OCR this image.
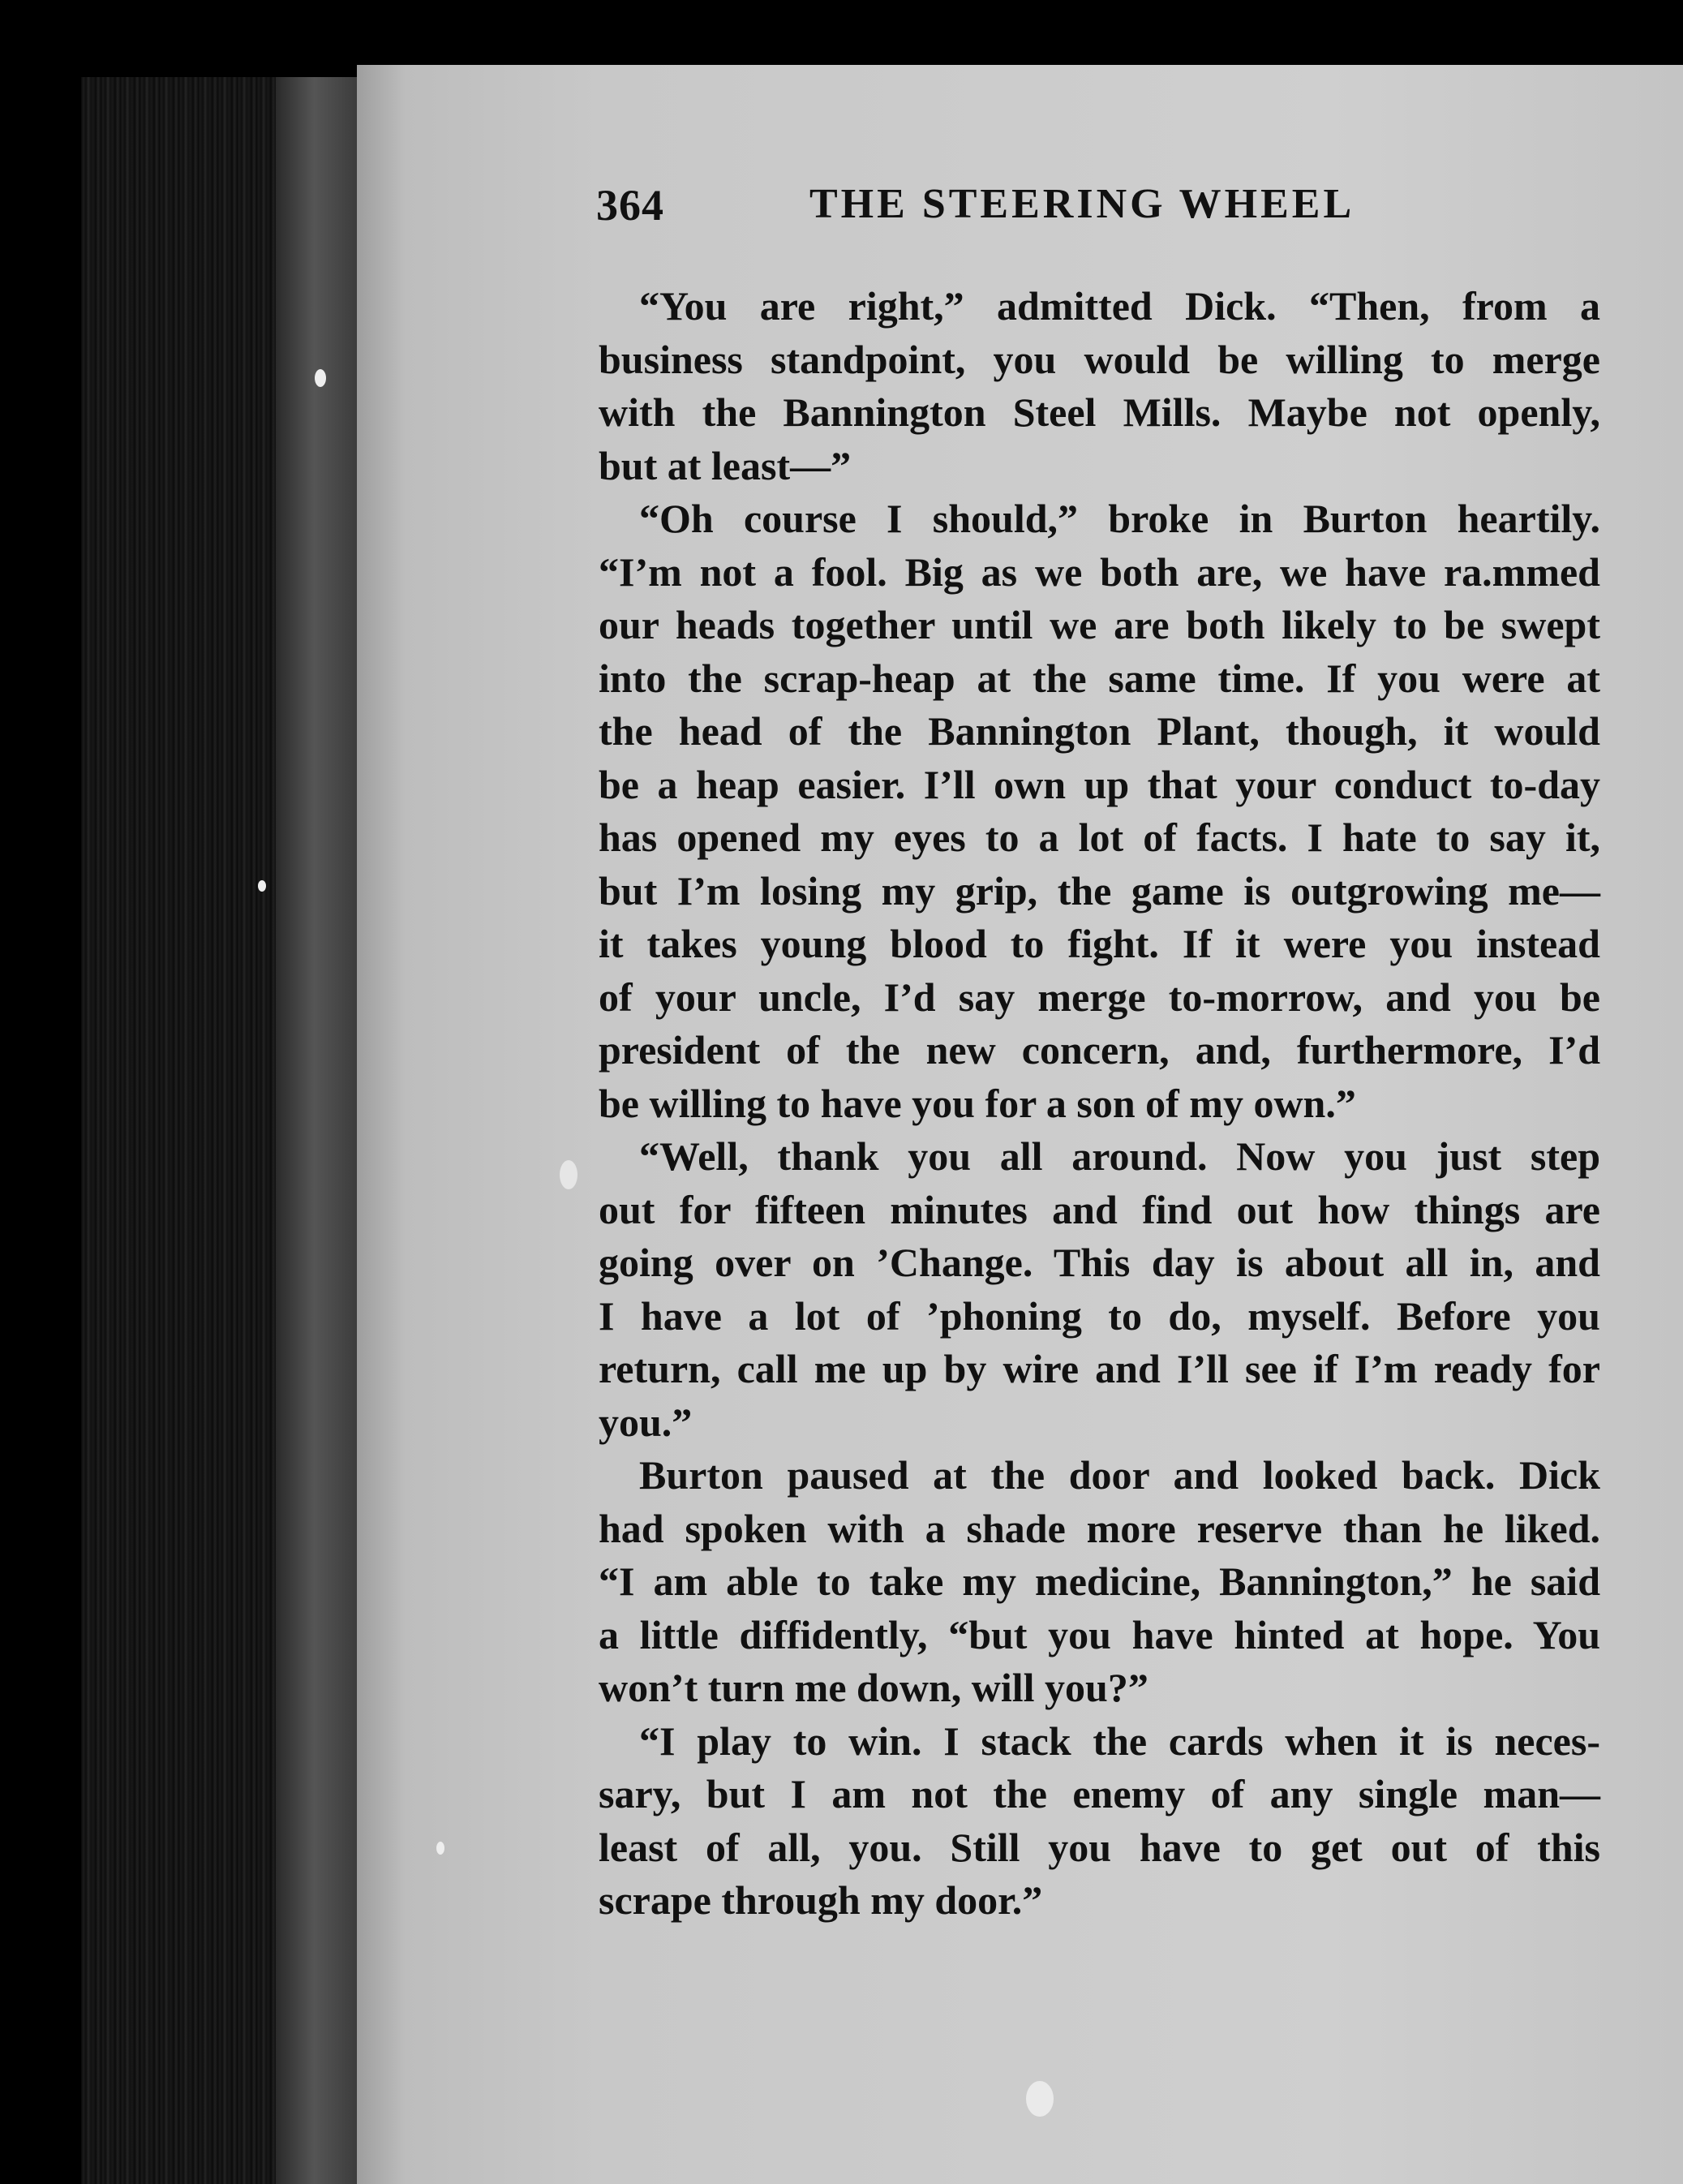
364	THE STEERING WHEEL
“You are right,” admitted Dick. “Then, from a
business standpoint, you would be willing to merge
with the Bannington Steel Mills. Maybe not openly,
but at least—”
“Oh course I should,” broke in Burton heartily.
“I’m not a fool. Big as we both are, we have ra.mmed
our heads together until we are both likely to be swept
into the scrap-heap at the same time. If you were at
the head of the Bannington Plant, though, it would
be a heap easier. I’ll own up that your conduct to-day
has opened my eyes to a lot of facts. I hate to say it,
but I’m losing my grip, the game is outgrowing me—
it takes young blood to fight. If it were you instead
of your uncle, I’d say merge to-morrow, and you be
president of the new concern, and, furthermore, I’d
be willing to have you for a son of my own.”
“Well, thank you all around. Now you just step
out for fifteen minutes and find out how things are
going over on ’Change. This day is about all in, and
I have a lot of ’phoning to do, myself. Before you
return, call me up by wire and I’ll see if I’m ready for
you.”
Burton paused at the door and looked back. Dick
had spoken with a shade more reserve than he liked.
“I am able to take my medicine, Bannington,” he said
a little diffidently, “but you have hinted at hope. You
won’t turn me down, will you?”
“I play to win. I stack the cards when it is neces-
sary, but I am not the enemy of any single man—
least of all, you. Still you have to get out of this
scrape through my door.”
